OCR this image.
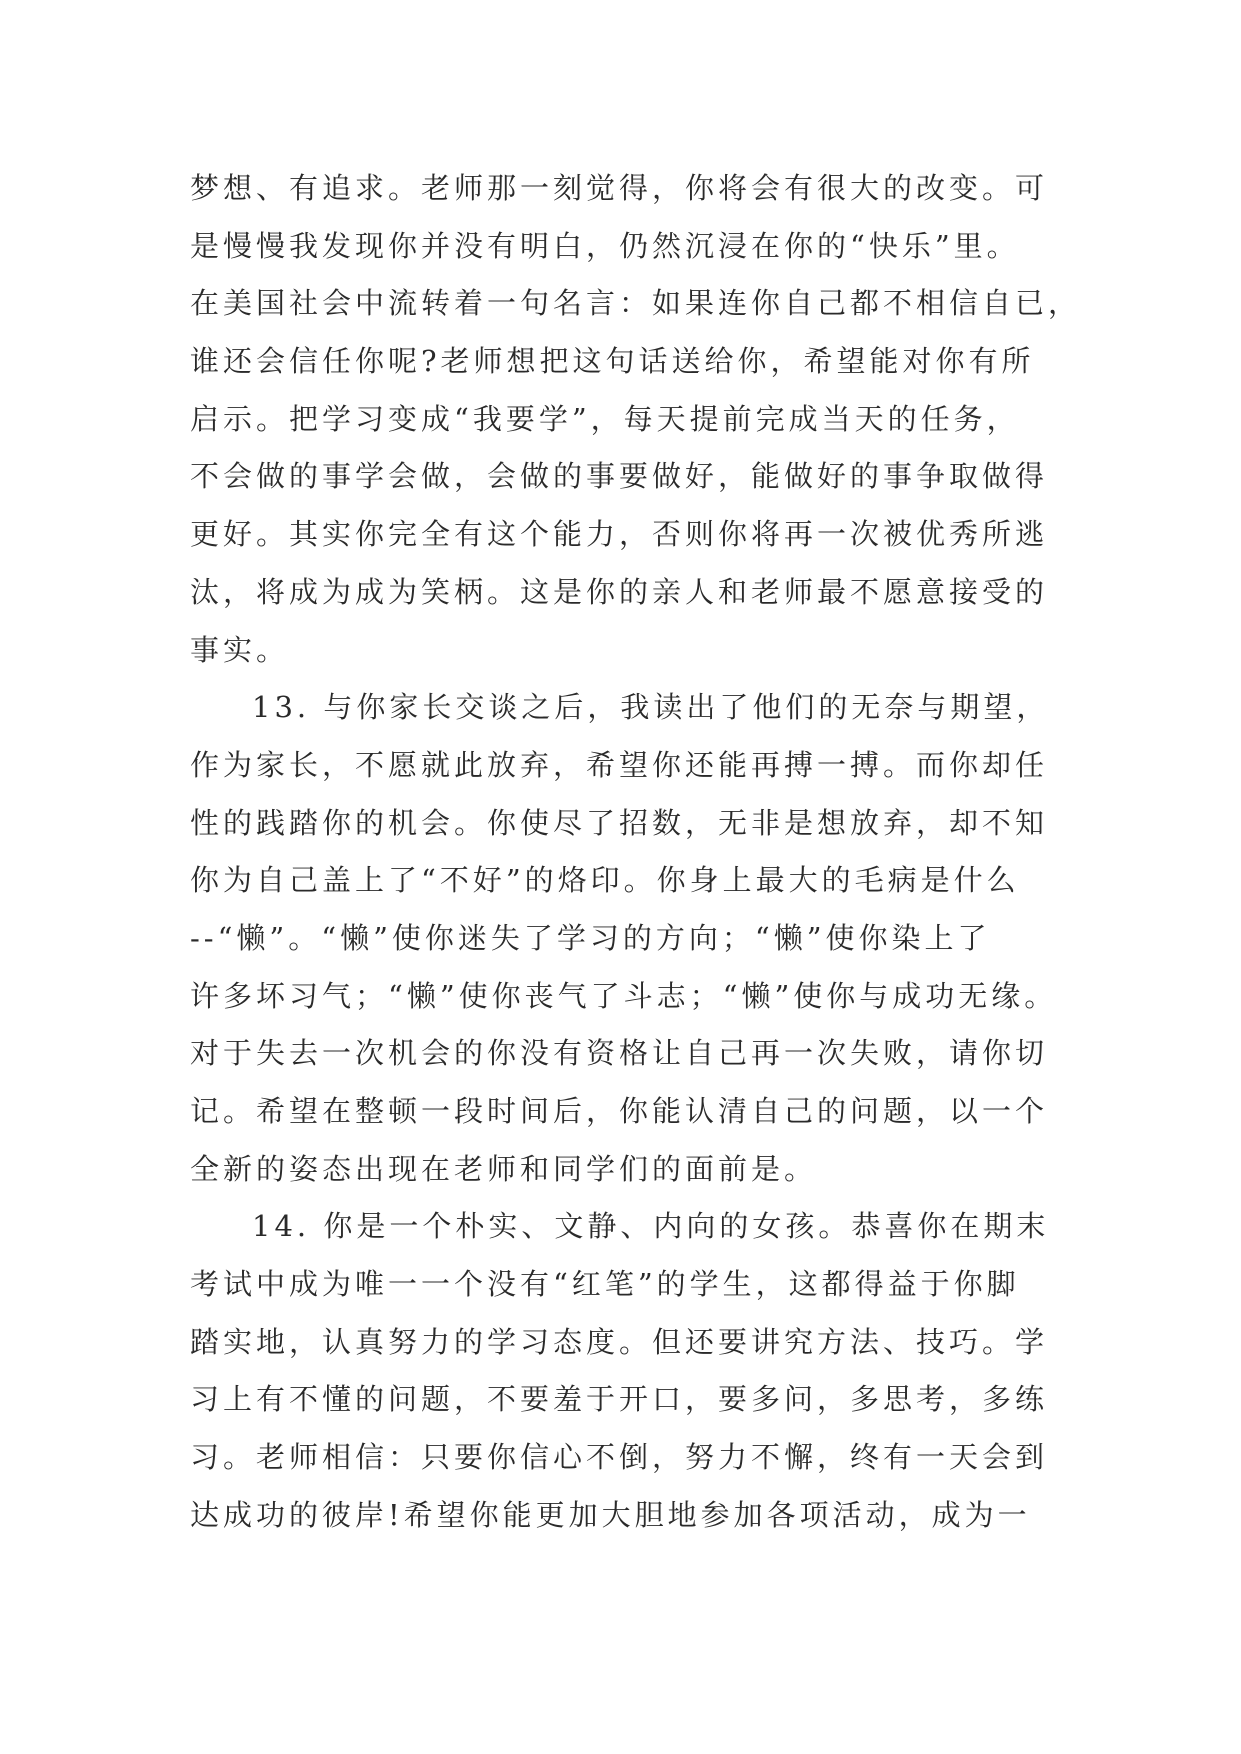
梦想、有追求。老师那一刻觉得，你将会有很大的改变。可
是慢慢我发现你并没有明白，仍然沉浸在你的“快乐”里。
在美国社会中流转着一句名言：如果连你自己都不相信自已，
谁还会信任你呢?老师想把这句话送给你，希望能对你有所
启示。把学习变成“我要学”，每天提前完成当天的任务，
不会做的事学会做，会做的事要做好，能做好的事争取做得
更好。其实你完全有这个能力，否则你将再一次被优秀所逃
汰，将成为成为笑柄。这是你的亲人和老师最不愿意接受的
事实。
13. 与你家长交谈之后，我读出了他们的无奈与期望，
作为家长，不愿就此放弃，希望你还能再搏一搏。而你却任
性的践踏你的机会。你使尽了招数，无非是想放弃，却不知
你为自己盖上了“不好”的烙印。你身上最大的毛病是什么
--“懒”。“懒”使你迷失了学习的方向；“懒”使你染上了
许多坏习气；“懒”使你丧气了斗志；“懒”使你与成功无缘。
对于失去一次机会的你没有资格让自己再一次失败，请你切
记。希望在整顿一段时间后，你能认清自己的问题，以一个
全新的姿态出现在老师和同学们的面前是。
14. 你是一个朴实、文静、内向的女孩。恭喜你在期末
考试中成为唯一一个没有“红笔”的学生，这都得益于你脚
踏实地，认真努力的学习态度。但还要讲究方法、技巧。学
习上有不懂的问题，不要羞于开口，要多问，多思考，多练
习。老师相信：只要你信心不倒，努力不懈，终有一天会到
达成功的彼岸!希望你能更加大胆地参加各项活动，成为一
